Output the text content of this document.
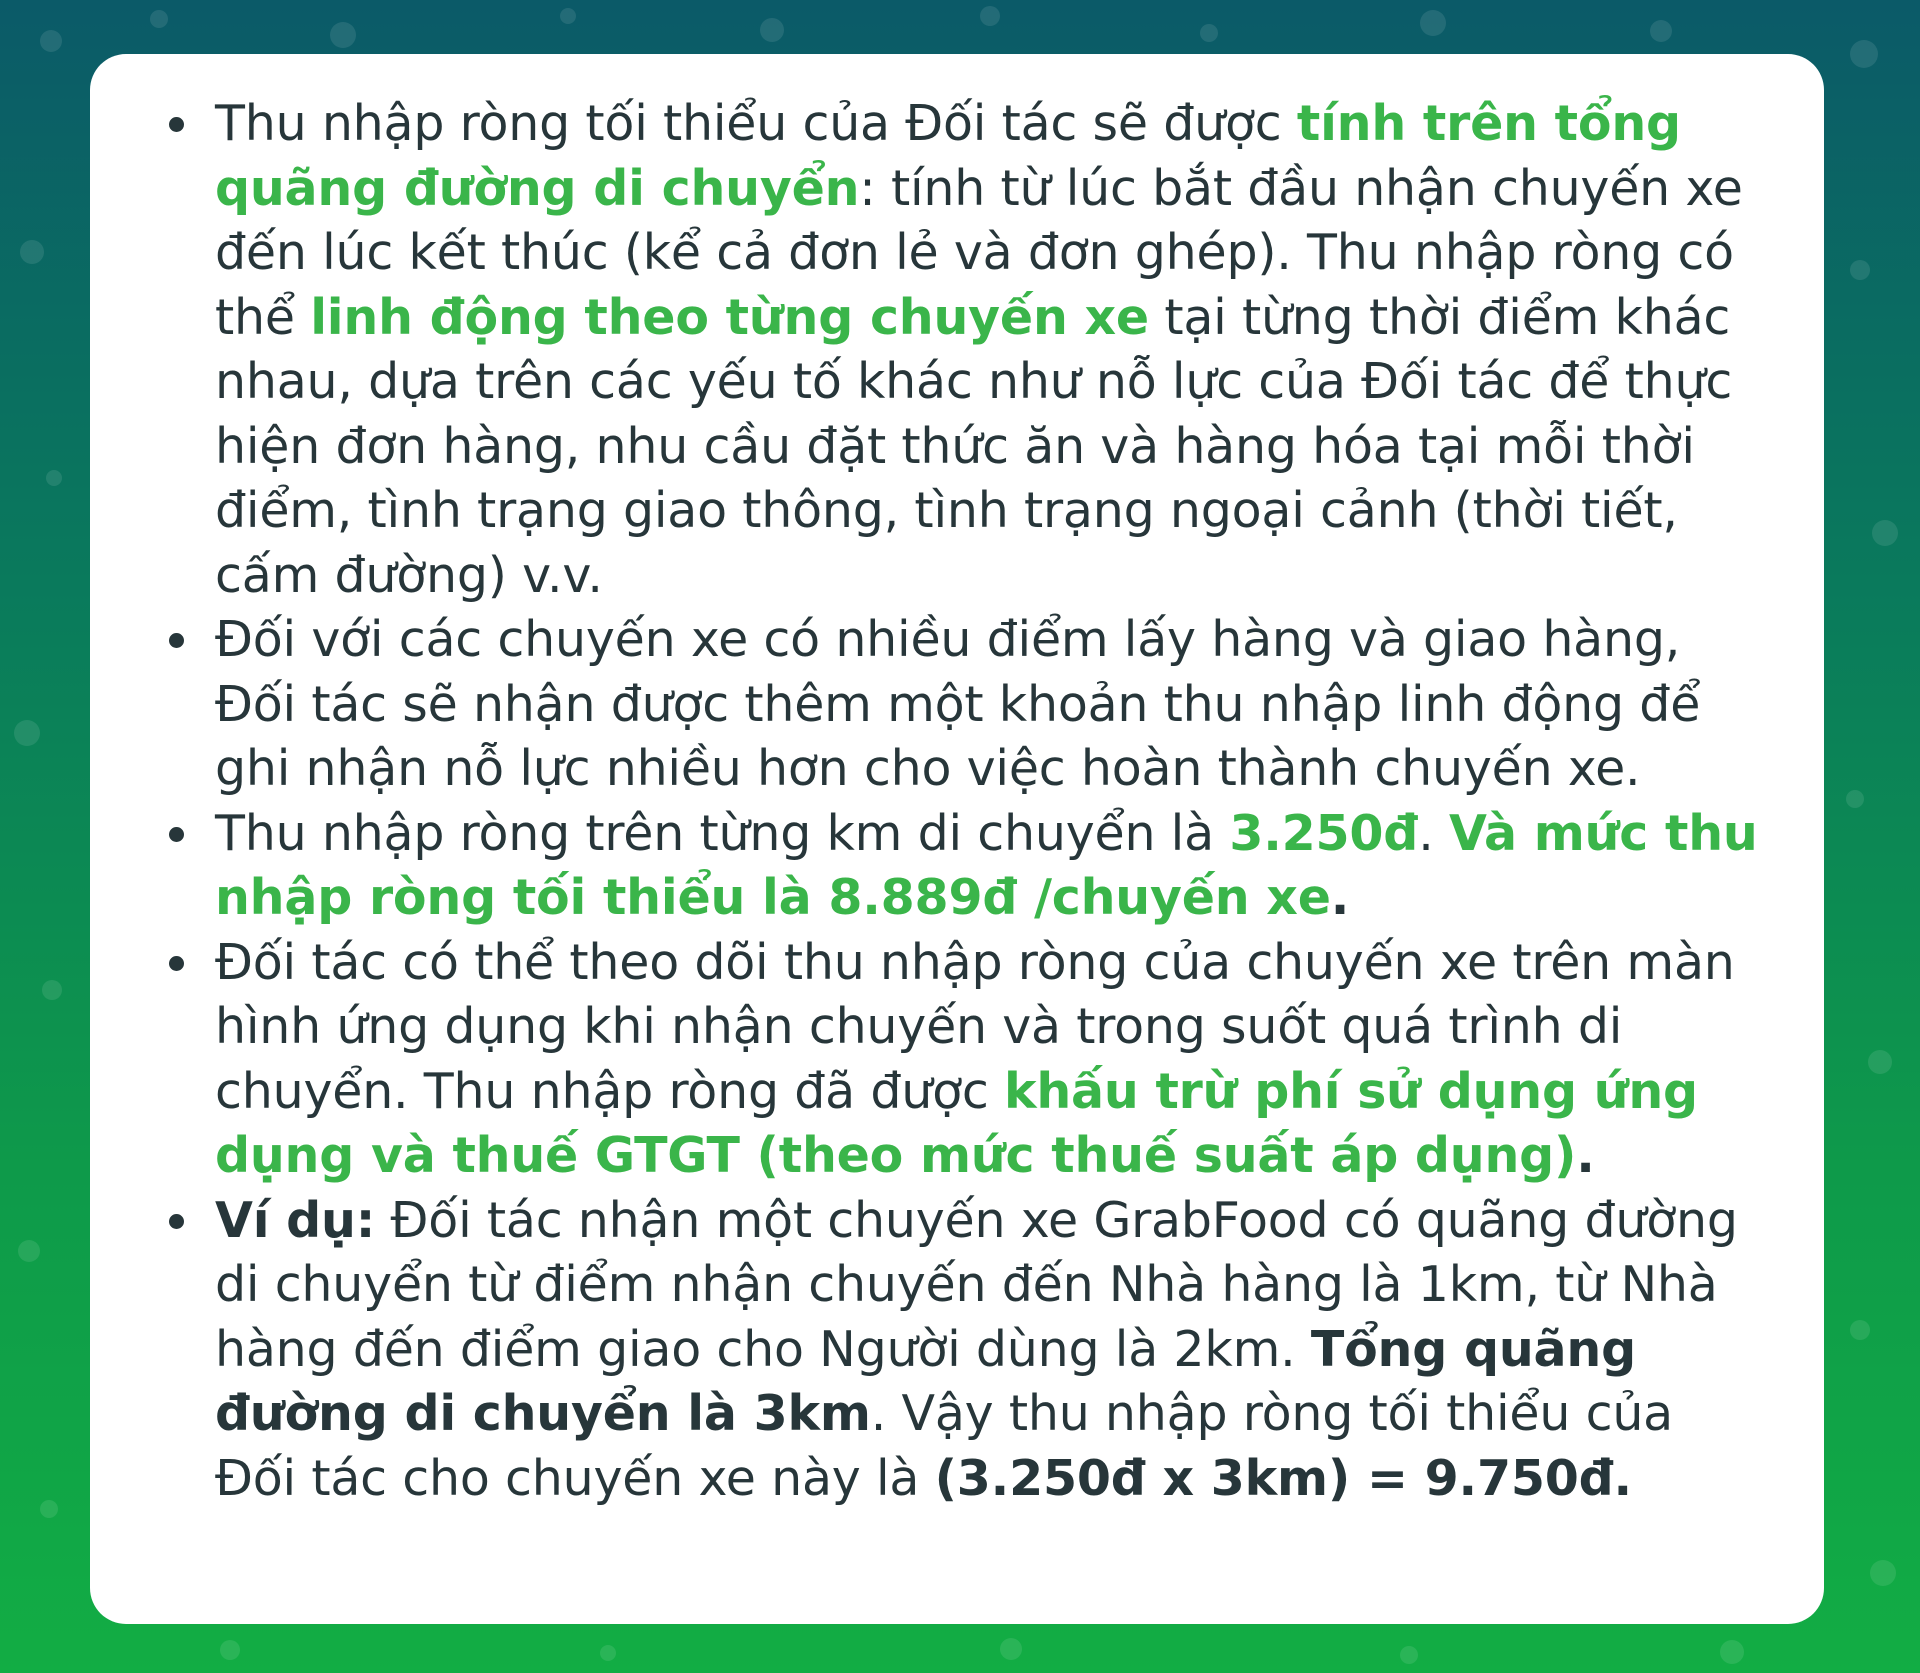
Thu nhập ròng tối thiểu của Đối tác sẽ được tính trên tổng quãng đường di chuyển: tính từ lúc bắt đầu nhận chuyến xe đến lúc kết thúc (kể cả đơn lẻ và đơn ghép). Thu nhập ròng có thể linh động theo từng chuyến xe tại từng thời điểm khác nhau, dựa trên các yếu tố khác như nỗ lực của Đối tác để thực hiện đơn hàng, nhu cầu đặt thức ăn và hàng hóa tại mỗi thời điểm, tình trạng giao thông, tình trạng ngoại cảnh (thời tiết, cấm đường) v.v.
Đối với các chuyến xe có nhiều điểm lấy hàng và giao hàng, Đối tác sẽ nhận được thêm một khoản thu nhập linh động để ghi nhận nỗ lực nhiều hơn cho việc hoàn thành chuyến xe.
Thu nhập ròng trên từng km di chuyển là 3.250đ. Và mức thu nhập ròng tối thiểu là 8.889đ /chuyến xe.
Đối tác có thể theo dõi thu nhập ròng của chuyến xe trên màn hình ứng dụng khi nhận chuyến và trong suốt quá trình di chuyển. Thu nhập ròng đã được khấu trừ phí sử dụng ứng dụng và thuế GTGT (theo mức thuế suất áp dụng).
Ví dụ: Đối tác nhận một chuyến xe GrabFood có quãng đường di chuyển từ điểm nhận chuyến đến Nhà hàng là 1km, từ Nhà hàng đến điểm giao cho Người dùng là 2km. Tổng quãng đường di chuyển là 3km. Vậy thu nhập ròng tối thiểu của Đối tác cho chuyến xe này là (3.250đ x 3km) = 9.750đ.
